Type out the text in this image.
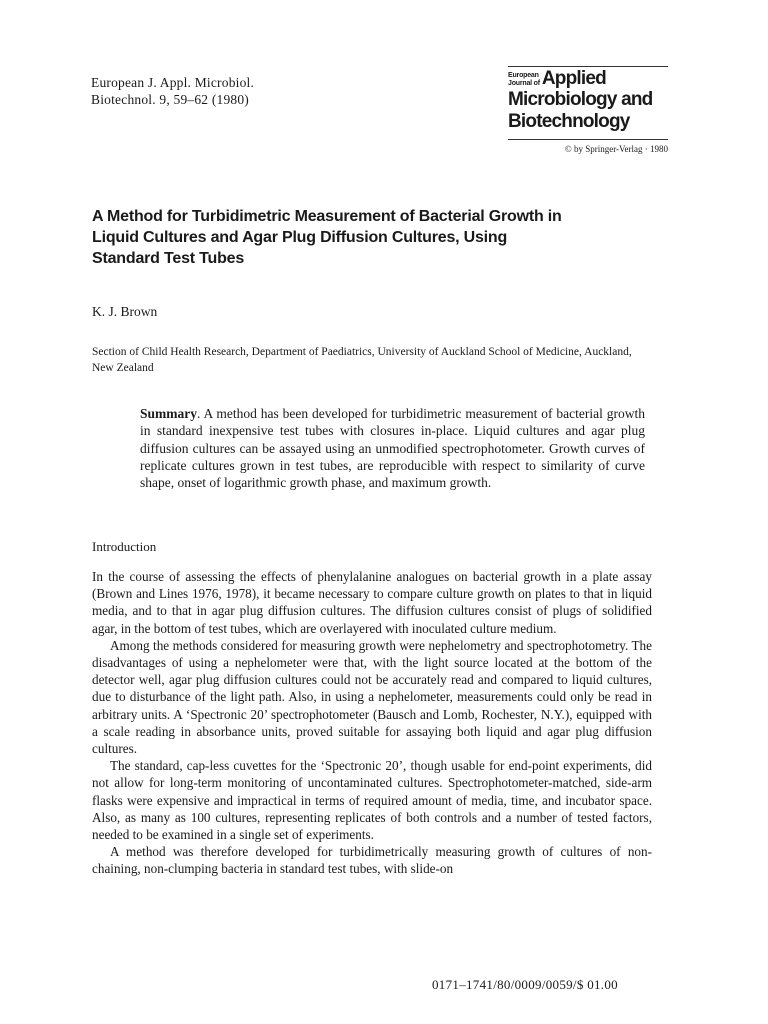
European J. Appl. Microbiol.
Biotechnol. 9, 59–62 (1980)
European
Journal of Applied
Microbiology and
Biotechnology
© by Springer-Verlag · 1980
A Method for Turbidimetric Measurement of Bacterial Growth in Liquid Cultures and Agar Plug Diffusion Cultures, Using Standard Test Tubes
K. J. Brown
Section of Child Health Research, Department of Paediatrics, University of Auckland School of Medicine, Auckland, New Zealand
Summary. A method has been developed for turbidimetric measurement of bacterial growth in standard inexpensive test tubes with closures in-place. Liquid cultures and agar plug diffusion cultures can be assayed using an unmodified spectrophotometer. Growth curves of replicate cultures grown in test tubes, are reproducible with respect to similarity of curve shape, onset of logarithmic growth phase, and maximum growth.
Introduction

In the course of assessing the effects of phenylalanine analogues on bacterial growth in a plate assay (Brown and Lines 1976, 1978), it became necessary to compare culture growth on plates to that in liquid media, and to that in agar plug diffusion cultures. The diffusion cultures consist of plugs of solidified agar, in the bottom of test tubes, which are overlayered with inoculated culture medium.

Among the methods considered for measuring growth were nephelometry and spectrophotometry. The disadvantages of using a nephelometer were that, with the light source located at the bottom of the detector well, agar plug diffusion cultures could not be accurately read and compared to liquid cultures, due to disturbance of the light path. Also, in using a nephelometer, measurements could only be read in arbitrary units. A ‘Spectronic 20’ spectrophotometer (Bausch and Lomb, Rochester, N.Y.), equipped with a scale reading in absorbance units, proved suitable for assaying both liquid and agar plug diffusion cultures.

The standard, cap-less cuvettes for the ‘Spectronic 20’, though usable for end-point experiments, did not allow for long-term monitoring of uncontaminated cultures. Spectrophotometer-matched, side-arm flasks were expensive and impractical in terms of required amount of media, time, and incubator space. Also, as many as 100 cultures, representing replicates of both controls and a number of tested factors, needed to be examined in a single set of experiments.

A method was therefore developed for turbidimetrically measuring growth of cultures of non-chaining, non-clumping bacteria in standard test tubes, with slide-on

0171–1741/80/0009/0059/$ 01.00
